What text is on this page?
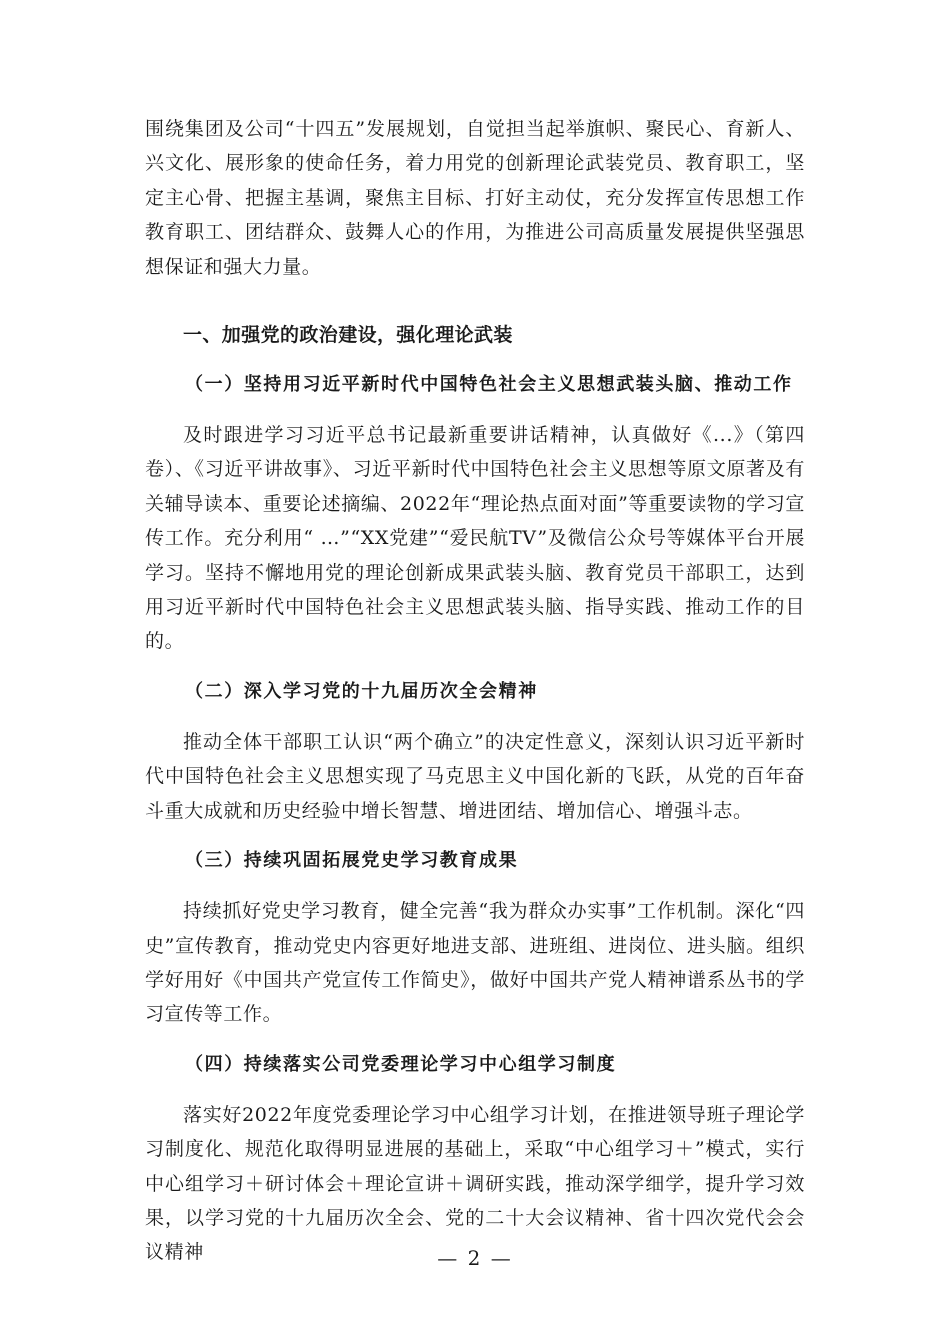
围绕集团及公司“十四五”发展规划，自觉担当起举旗帜、聚民心、育新人、兴文化、展形象的使命任务，着力用党的创新理论武装党员、教育职工，坚定主心骨、把握主基调，聚焦主目标、打好主动仗，充分发挥宣传思想工作教育职工、团结群众、鼓舞人心的作用，为推进公司高质量发展提供坚强思想保证和强大力量。

一、加强党的政治建设，强化理论武装
（一）坚持用习近平新时代中国特色社会主义思想武装头脑、推动工作

及时跟进学习习近平总书记最新重要讲话精神，认真做好《...》（第四卷）、《习近平讲故事》、习近平新时代中国特色社会主义思想等原文原著及有关辅导读本、重要论述摘编、2022年“理论热点面对面”等重要读物的学习宣传工作。充分利用“ …”“XX党建”“爱民航TV”及微信公众号等媒体平台开展学习。坚持不懈地用党的理论创新成果武装头脑、教育党员干部职工，达到用习近平新时代中国特色社会主义思想武装头脑、指导实践、推动工作的目的。

（二）深入学习党的十九届历次全会精神

推动全体干部职工认识“两个确立”的决定性意义，深刻认识习近平新时代中国特色社会主义思想实现了马克思主义中国化新的飞跃，从党的百年奋斗重大成就和历史经验中增长智慧、增进团结、增加信心、增强斗志。

（三）持续巩固拓展党史学习教育成果

持续抓好党史学习教育，健全完善“我为群众办实事”工作机制。深化“四史”宣传教育，推动党史内容更好地进支部、进班组、进岗位、进头脑。组织学好用好《中国共产党宣传工作简史》，做好中国共产党人精神谱系丛书的学习宣传等工作。

（四）持续落实公司党委理论学习中心组学习制度

落实好2022年度党委理论学习中心组学习计划，在推进领导班子理论学习制度化、规范化取得明显进展的基础上，采取“中心组学习＋”模式，实行中心组学习＋研讨体会＋理论宣讲＋调研实践，推动深学细学，提升学习效果，以学习党的十九届历次全会、党的二十大会议精神、省十四次党代会会议精神	— 2 —
